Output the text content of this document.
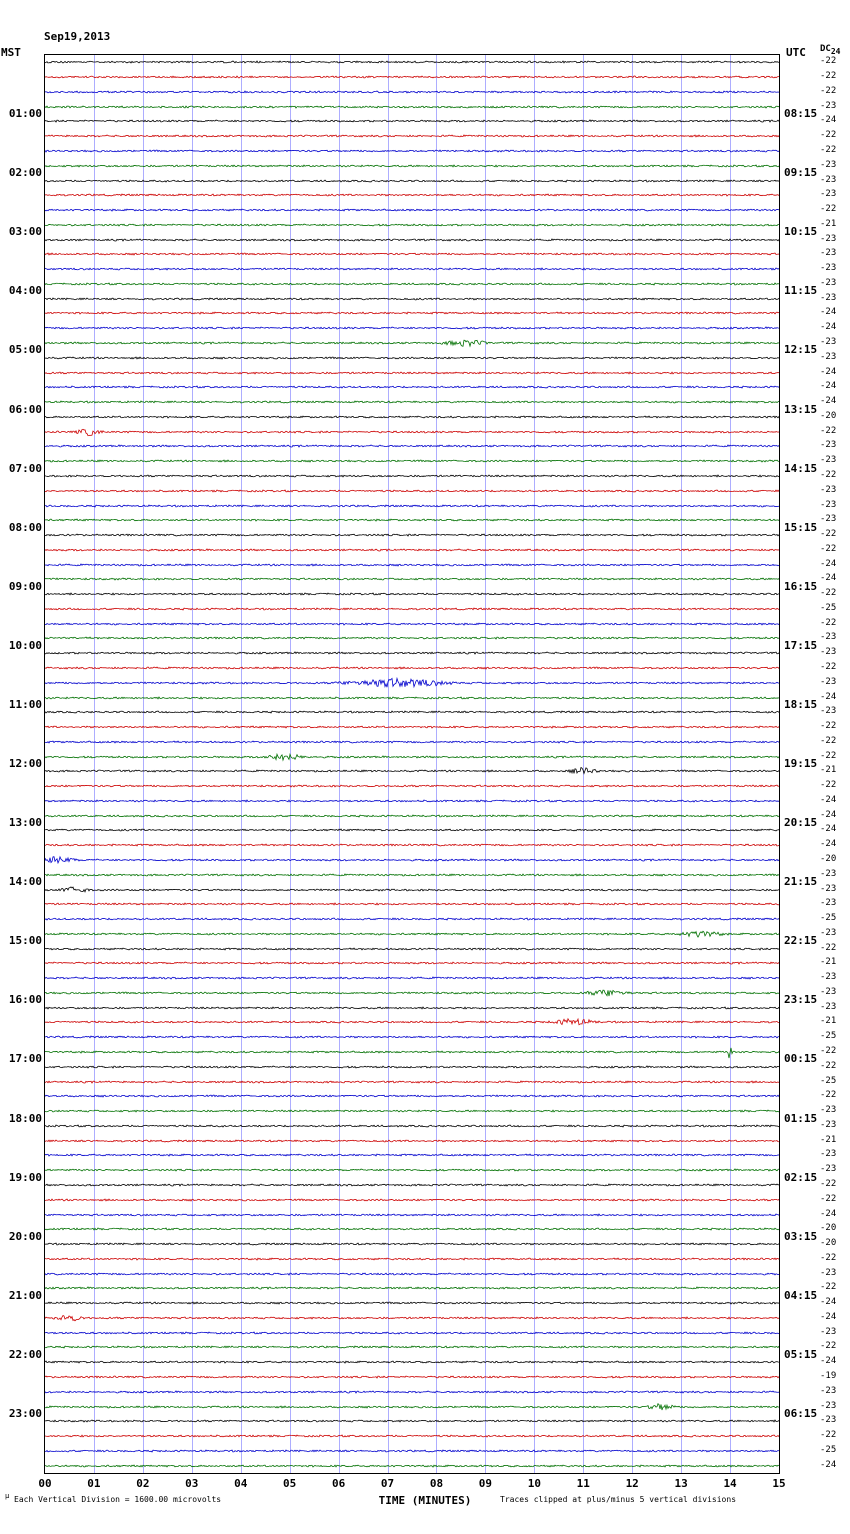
Sep19,2013

MST	UTC $DC_{24}$
01:00
02:00
03:00
04:00
05:00
06:00
07:00
08:00
09:00
10:00
11:00
12:00
13:00
14:00
15:00
16:00
17:00
18:00
19:00
20:00
21:00
22:00
23:00
08:15
09:15
10:15
11:15
12:15
13:15
14:15
15:15
16:15
17:15
18:15
19:15
20:15
21:15
22:15
23:15
00:15
01:15
02:15
03:15
04:15
05:15
06:15
-22
-22
-22
-23
-24
-22
-22
-23
-23
-23
-22
-21
-23
-23
-23
-23
-23
-24
-24
-23
-23
-24
-24
-24
-20
-22
-23
-23
-22
-23
-23
-23
-22
-22
-24
-24
-22
-25
-22
-23
-23
-22
-23
-24
-23
-22
-22
-22
-21
-22
-24
-24
-24
-24
-20
-23
-23
-23
-25
-23
-22
-21
-23
-23
-23
-21
-25
-22
-22
-25
-22
-23
-23
-21
-23
-23
-22
-22
-24
-20
-20
-22
-23
-22
-24
-24
-23
-22
-24
-19
-23
-23
-23
-22
-25
-24
00	01	02	03	04	05	06	07	08	09	10	11	12	13	14	15
TIME (MINUTES)
µ Each Vertical Division = 1600.00 microvolts	Traces clipped at plus/minus 5 vertical divisions
